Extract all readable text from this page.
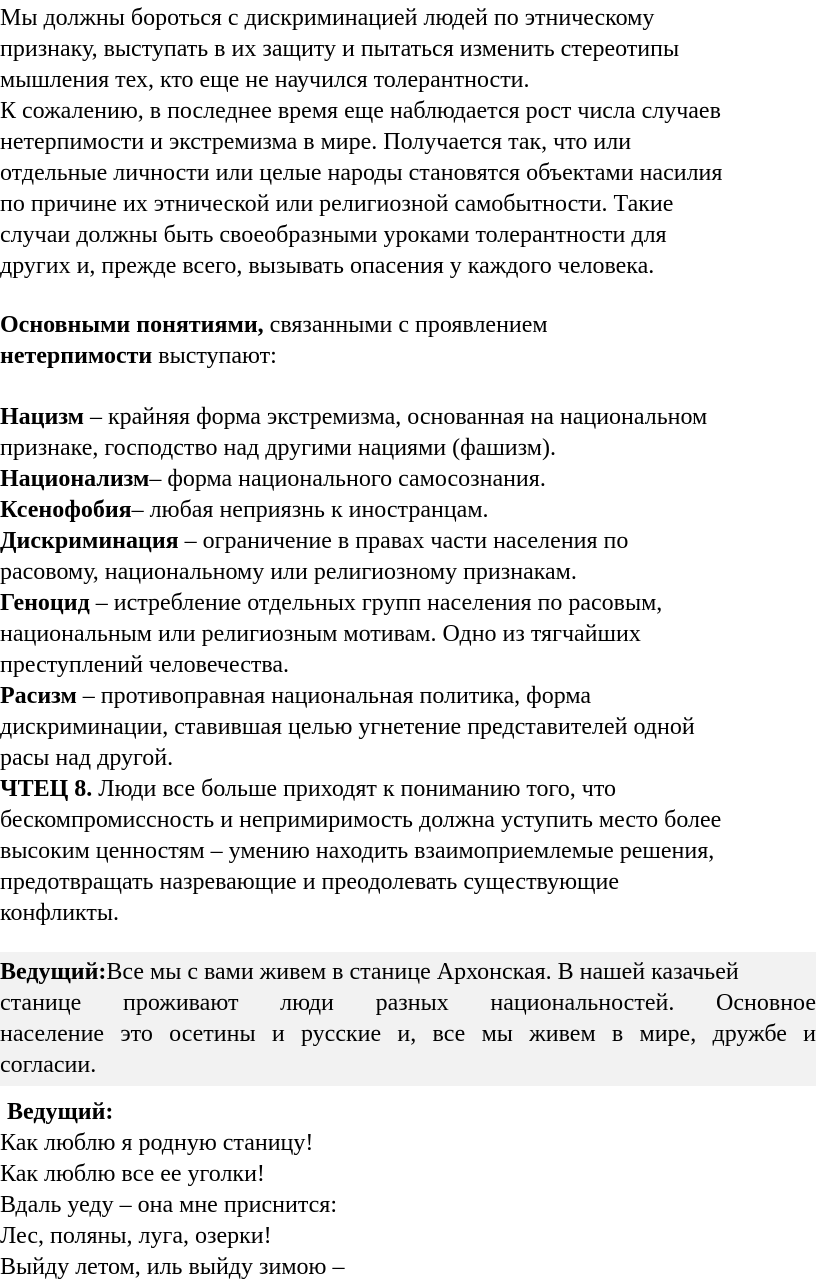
Мы должны бороться с дискриминацией людей по этническому
признаку, выступать в их защиту и пытаться изменить стереотипы
мышления тех, кто еще не научился толерантности.
К сожалению, в последнее время еще наблюдается рост числа случаев
нетерпимости и экстремизма в мире. Получается так, что или
отдельные личности или целые народы становятся объектами насилия
по причине их этнической или религиозной самобытности. Такие
случаи должны быть своеобразными уроками толерантности для
других и, прежде всего, вызывать опасения у каждого человека.
Основными понятиями, связанными с проявлением
нетерпимости выступают:
Нацизм – крайняя форма экстремизма, основанная на национальном
признаке, господство над другими нациями (фашизм).
Национализм– форма национального самосознания.
Ксенофобия– любая неприязнь к иностранцам.
Дискриминация – ограничение в правах части населения по
расовому, национальному или религиозному признакам.
Геноцид – истребление отдельных групп населения по расовым,
национальным или религиозным мотивам. Одно из тягчайших
преступлений человечества.
Расизм – противоправная национальная политика, форма
дискриминации, ставившая целью угнетение представителей одной
расы над другой.
ЧТЕЦ 8. Люди все больше приходят к пониманию того, что
бескомпромиссность и непримиримость должна уступить место более
высоким ценностям – умению находить взаимоприемлемые решения,
предотвращать назревающие и преодолевать существующие
конфликты.
Ведущий:Все мы с вами живем в станице Архонская. В нашей казачьей
станице проживают люди разных национальностей. Основное
население это осетины и русские и, все мы живем в мире, дружбе и
согласии.
Ведущий:
Как люблю я родную станицу!
Как люблю все ее уголки!
Вдаль уеду – она мне приснится:
Лес, поляны, луга, озерки!
Выйду летом, иль выйду зимою –
